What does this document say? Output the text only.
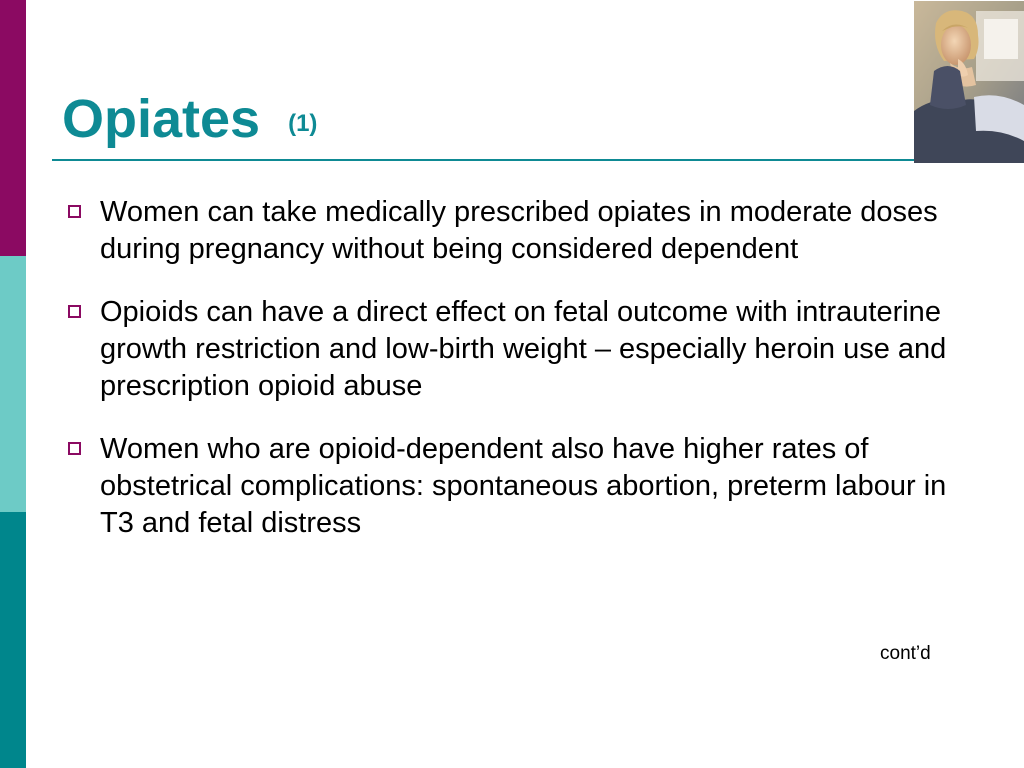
Opiates (1)
Women can take medically prescribed opiates in moderate doses during pregnancy without being considered dependent
Opioids can have a direct effect on fetal outcome with intrauterine growth restriction and low-birth weight – especially heroin use and prescription opioid abuse
Women who are opioid-dependent also have higher rates of obstetrical complications: spontaneous abortion, preterm labour in T3 and fetal distress
cont’d
